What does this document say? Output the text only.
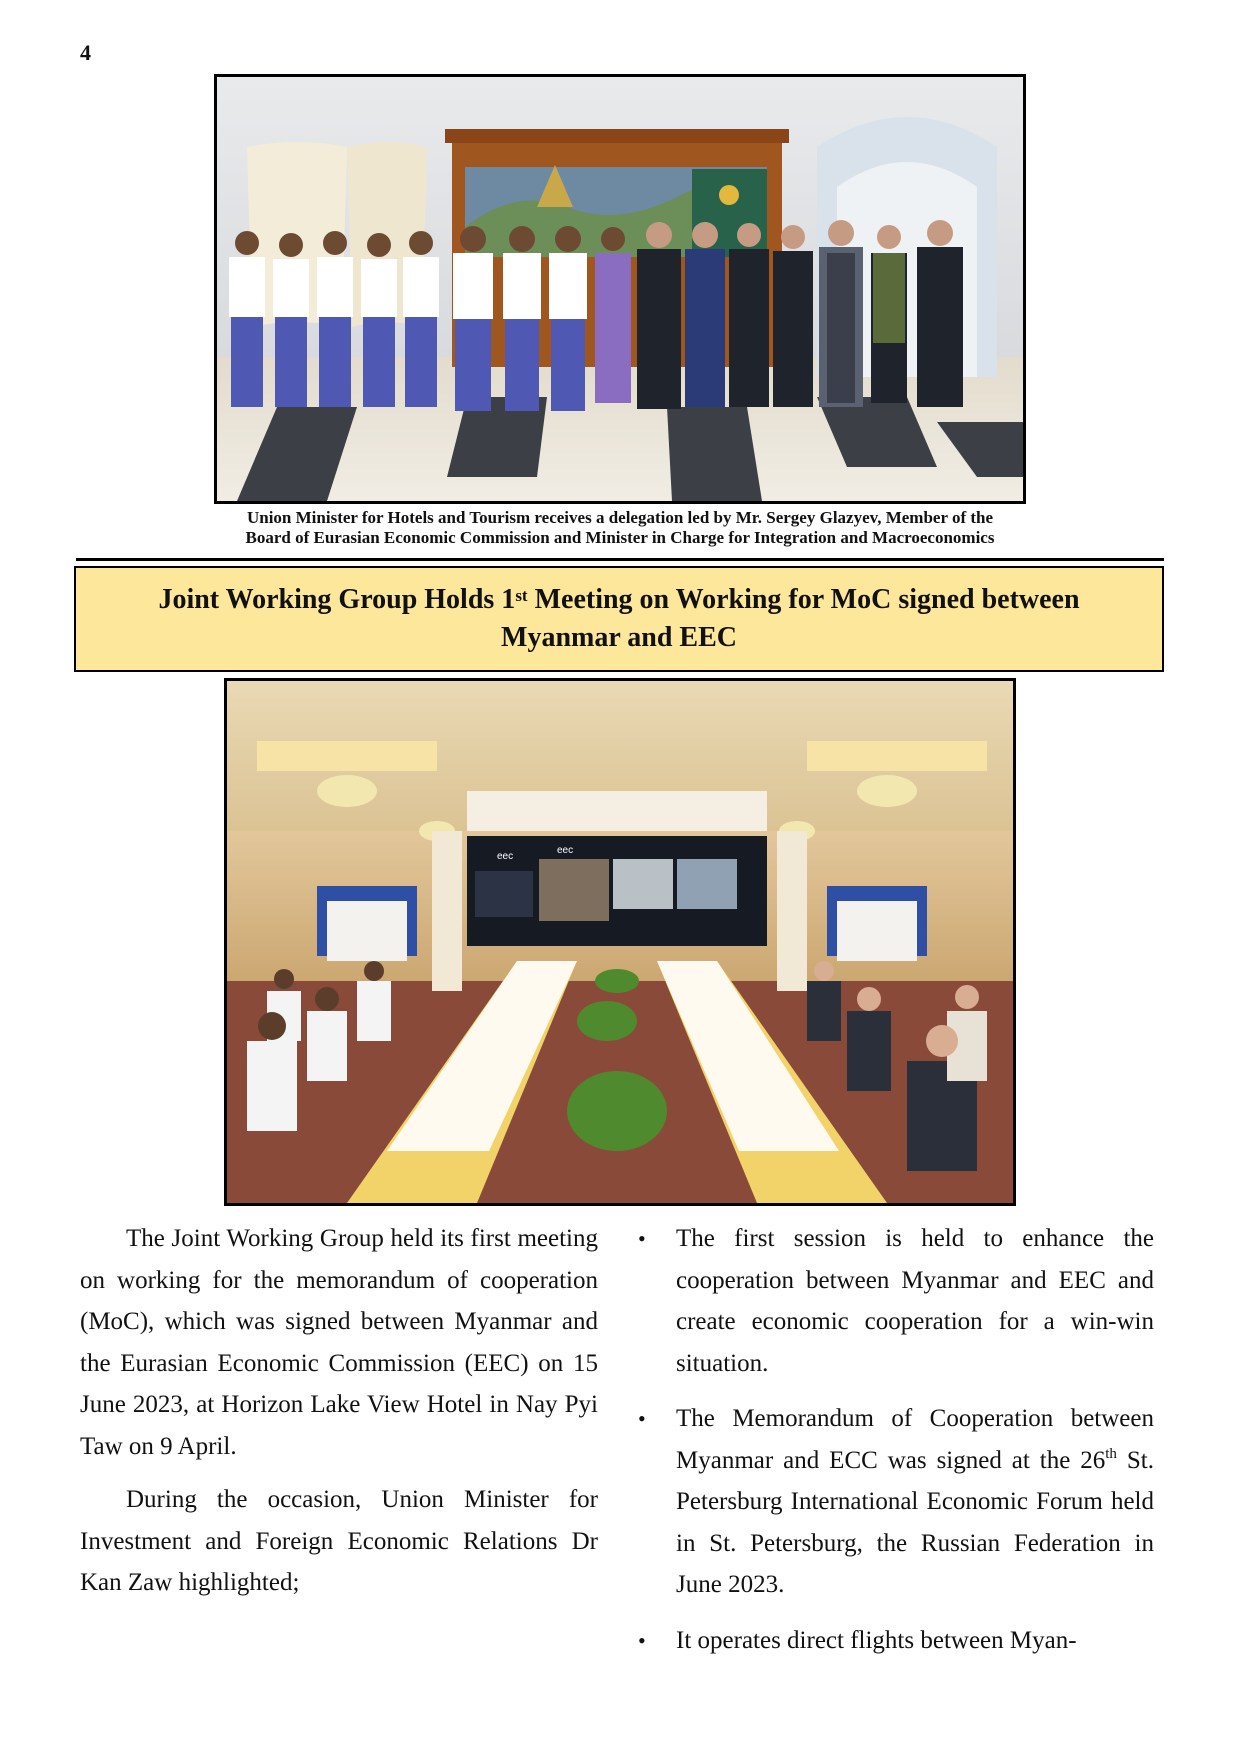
4
Union Minister for Hotels and Tourism receives a delegation led by Mr. Sergey Glazyev, Member of the
Board of Eurasian Economic Commission and Minister in Charge for Integration and Macroeconomics
Joint Working Group Holds 1st Meeting on Working for MoC signed between
Myanmar and EEC
eec
eec

The Joint Working Group held its first meeting on working for the memorandum of cooperation (MoC), which was signed between Myanmar and the Eurasian Economic Commission (EEC) on 15 June 2023, at Horizon Lake View Hotel in Nay Pyi Taw on 9 April.

During the occasion, Union Minister for Investment and Foreign Economic Relations Dr Kan Zaw highlighted;

• The first session is held to enhance the cooperation between Myanmar and EEC and create economic cooperation for a win-win situation.
• The Memorandum of Cooperation between Myanmar and ECC was signed at the 26th St. Petersburg International Economic Forum held in St. Petersburg, the Russian Federation in June 2023.
• It operates direct flights between Myan-
